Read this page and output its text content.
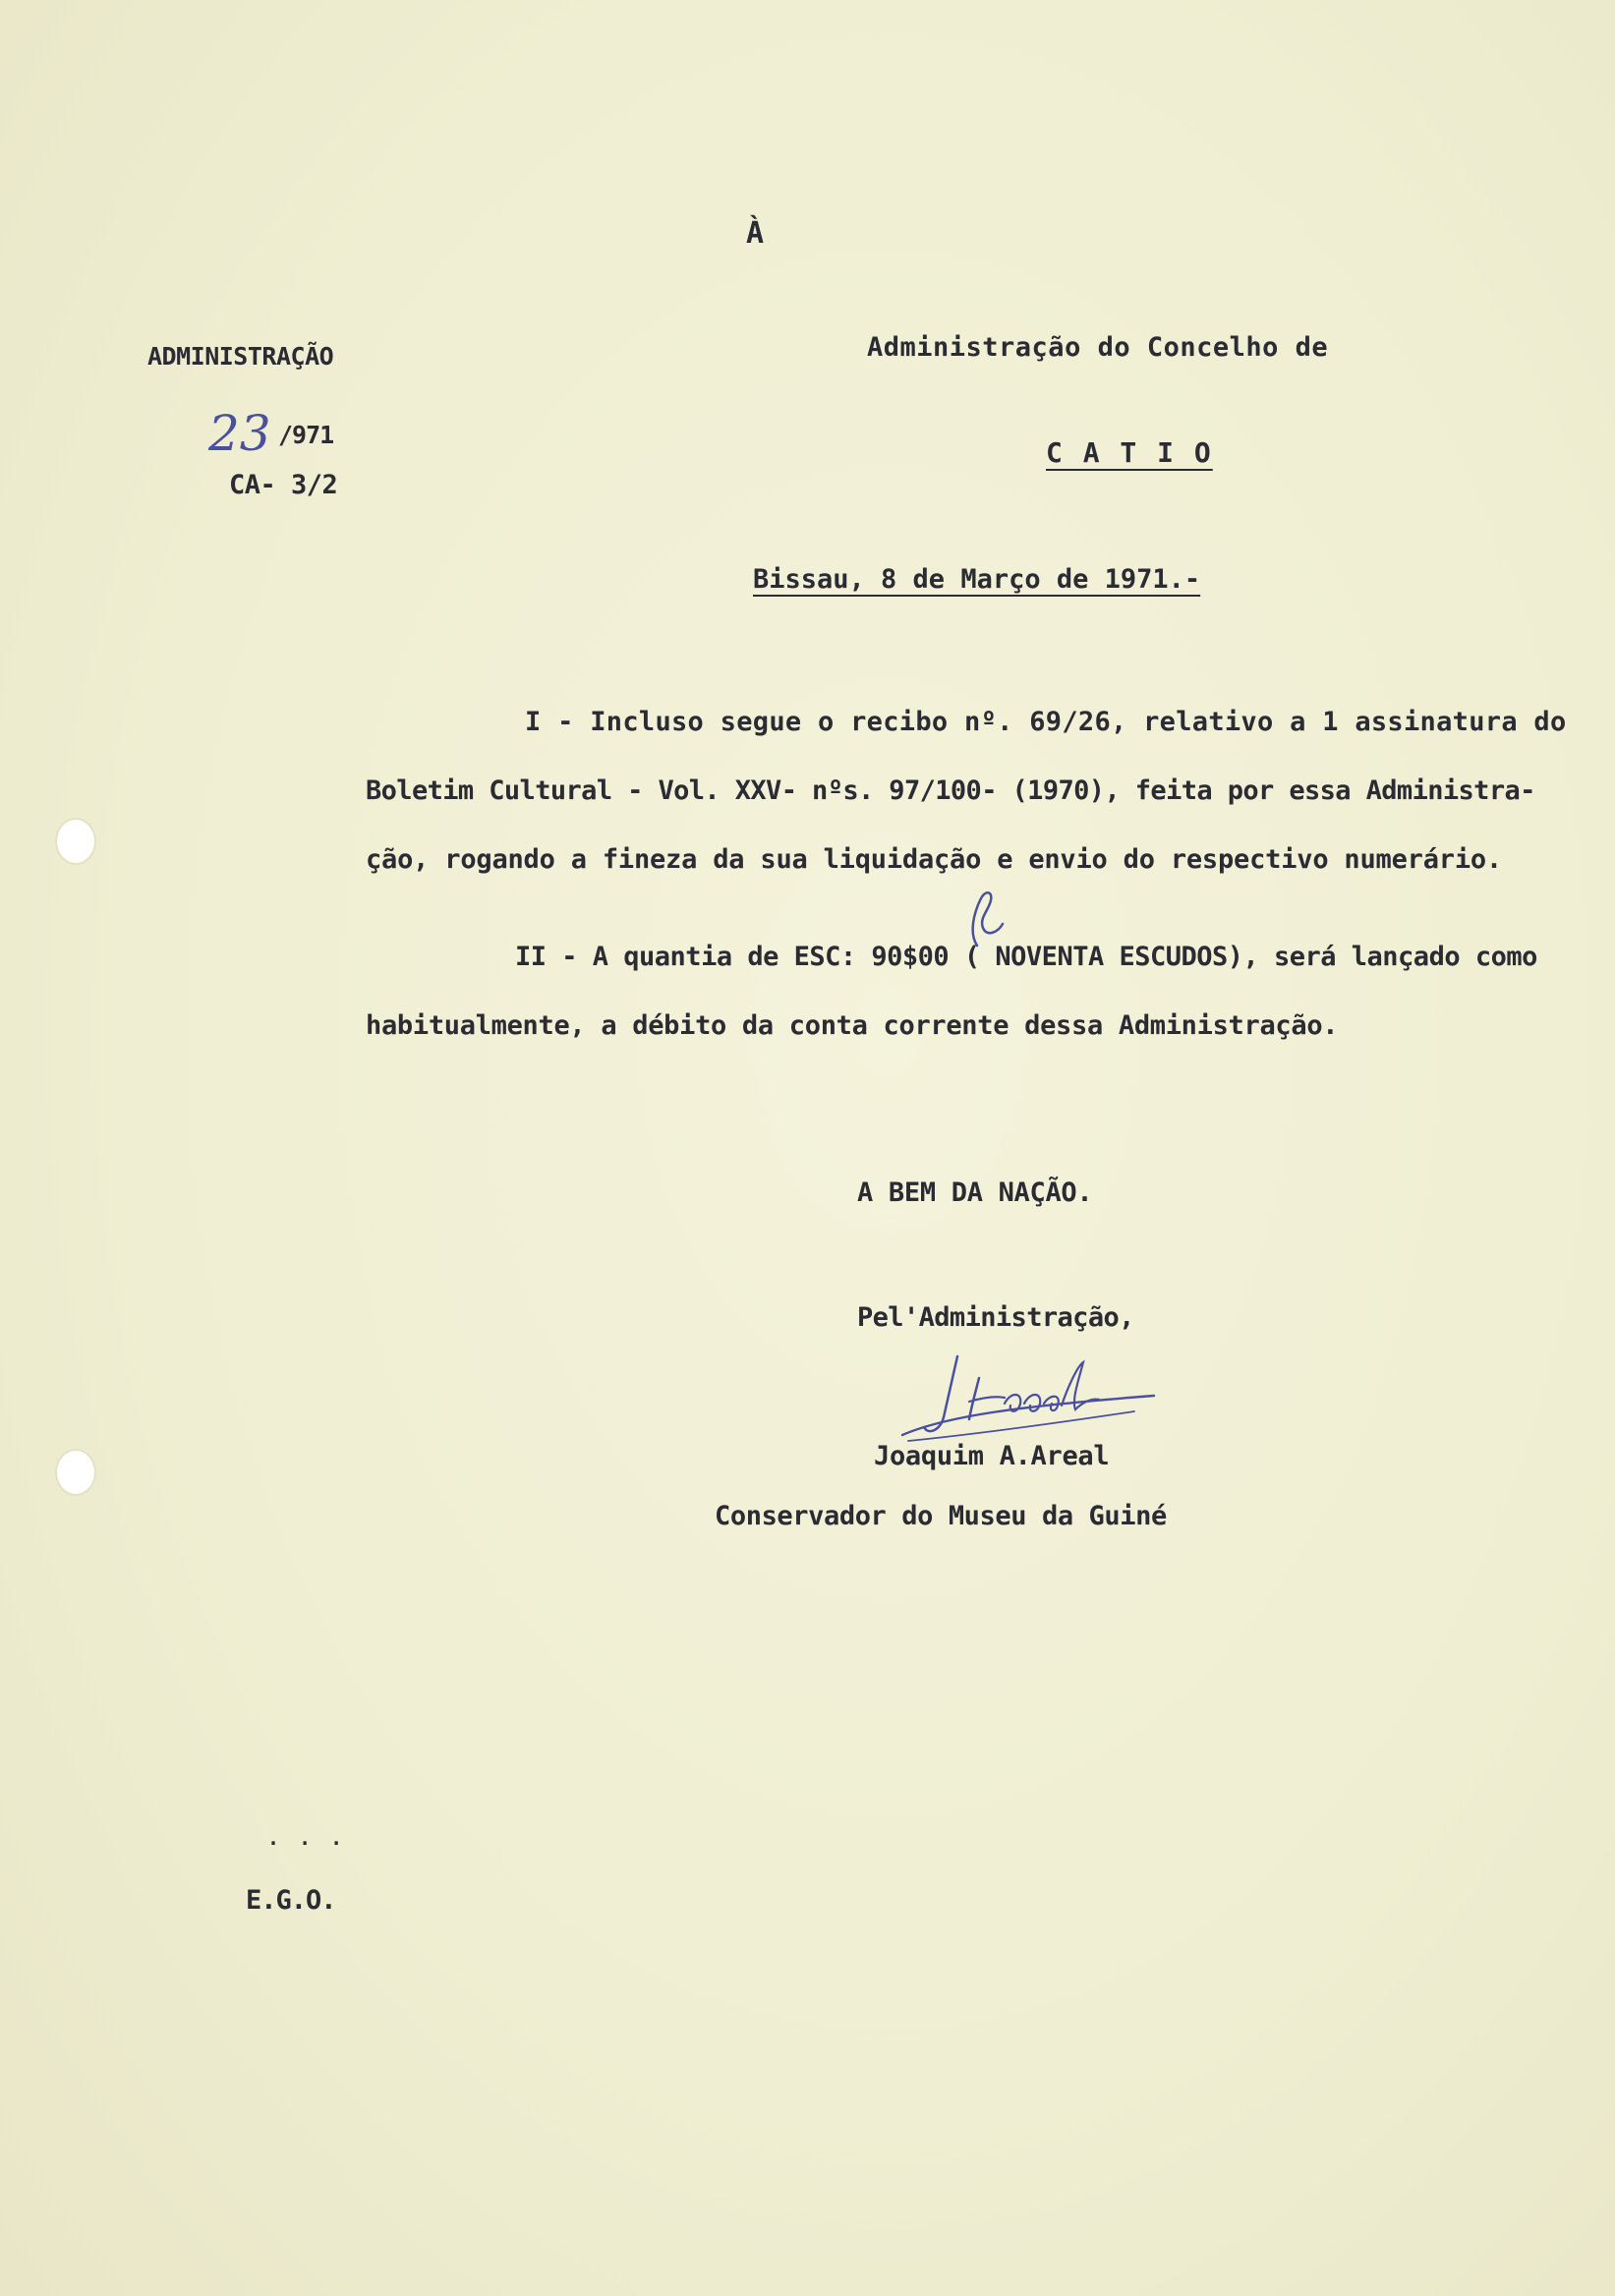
À
ADMINISTRAÇÃO
23 /971
CA- 3/2
Administração do Concelho de
C A T I O
Bissau, 8 de Março de 1971.-
I - Incluso segue o recibo nº. 69/26, relativo a 1 assinatura do
Boletim Cultural - Vol. XXV- nºs. 97/100- (1970), feita por essa Administra-
ção, rogando a fineza da sua liquidação e envio do respectivo numerário.
II - A quantia de ESC: 90$00 ( NOVENTA ESCUDOS), será lançado como
habitualmente, a débito da conta corrente dessa Administração.
A BEM DA NAÇÃO.
Pel'Administração,
Joaquim A.Areal
Conservador do Museu da Guiné
. . .
E.G.O.
